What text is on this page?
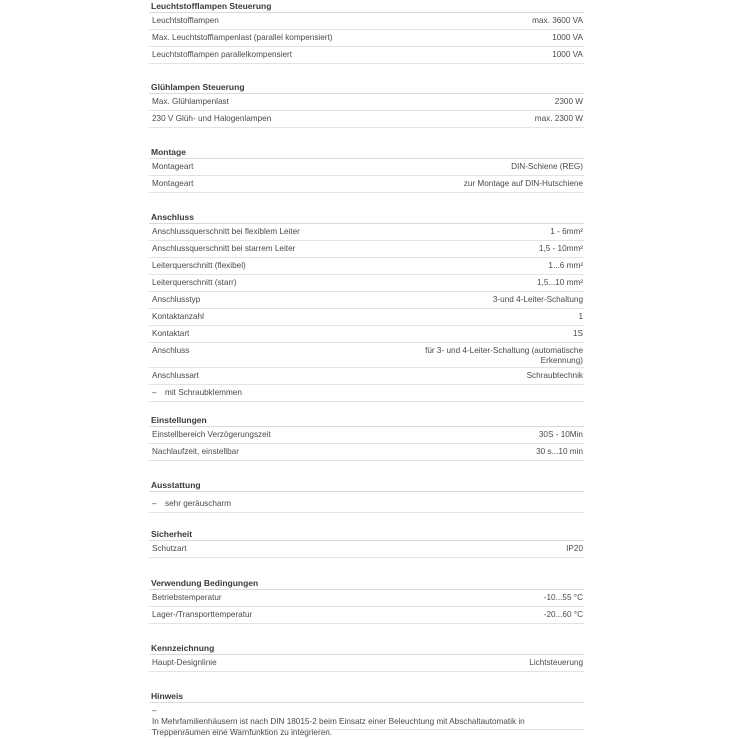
Leuchtstofflampen Steuerung
Leuchtstofflampen	max. 3600 VA
Max. Leuchtstofflampenlast (parallel kompensiert)	1000 VA
Leuchtstofflampen parallelkompensiert	1000 VA
Glühlampen Steuerung
Max. Glühlampenlast	2300 W
230 V Glüh- und Halogenlampen	max. 2300 W
Montage
Montageart	DIN-Schiene (REG)
Montageart	zur Montage auf DIN-Hutschiene
Anschluss
Anschlussquerschnitt bei flexiblem Leiter	1 - 6mm²
Anschlussquerschnitt bei starrem Leiter	1,5 - 10mm²
Leiterquerschnitt (flexibel)	1...6 mm²
Leiterquerschnitt (starr)	1,5...10 mm²
Anschlusstyp	3-und 4-Leiter-Schaltung
Kontaktanzahl	1
Kontaktart	1S
Anschluss	für 3- und 4-Leiter-Schaltung (automatische Erkennung)
Anschlussart	Schraubtechnik
– mit Schraubklemmen
Einstellungen
Einstellbereich Verzögerungszeit	30S - 10Min
Nachlaufzeit, einstellbar	30 s...10 min
Ausstattung
– sehr geräuscharm
Sicherheit
Schutzart	IP20
Verwendung Bedingungen
Betriebstemperatur	-10...55 °C
Lager-/Transporttemperatur	-20...60 °C
Kennzeichnung
Haupt-Designlinie	Lichtsteuerung
Hinweis
–In Mehrfamilienhäusern ist nach DIN 18015-2 beim Einsatz einer Beleuchtung mit Abschaltautomatik in Treppenräumen eine Warnfunktion zu integrieren.
